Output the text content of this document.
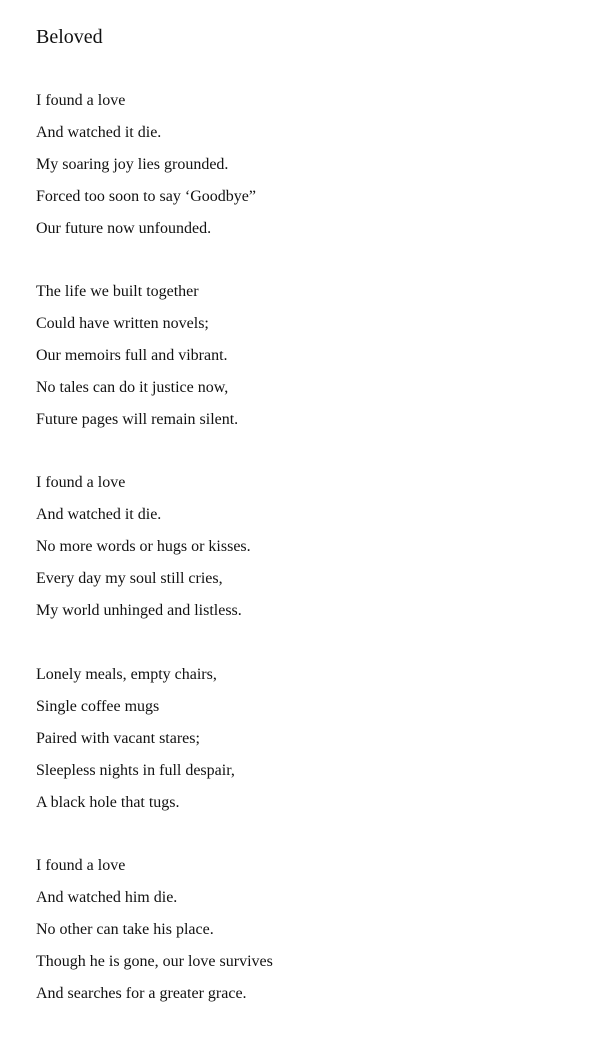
Beloved
I found a love
And watched it die.
My soaring joy lies grounded.
Forced too soon to say ‘Goodbye”
Our future now unfounded.
The life we built together
Could have written novels;
Our memoirs full and vibrant.
No tales can do it justice now,
Future pages will remain silent.
I found a love
And watched it die.
No more words or hugs or kisses.
Every day my soul still cries,
My world unhinged and listless.
Lonely meals, empty chairs,
Single coffee mugs
Paired with vacant stares;
Sleepless nights in full despair,
A black hole that tugs.
I found a love
And watched him die.
No other can take his place.
Though he is gone, our love survives
And searches for a greater grace.
